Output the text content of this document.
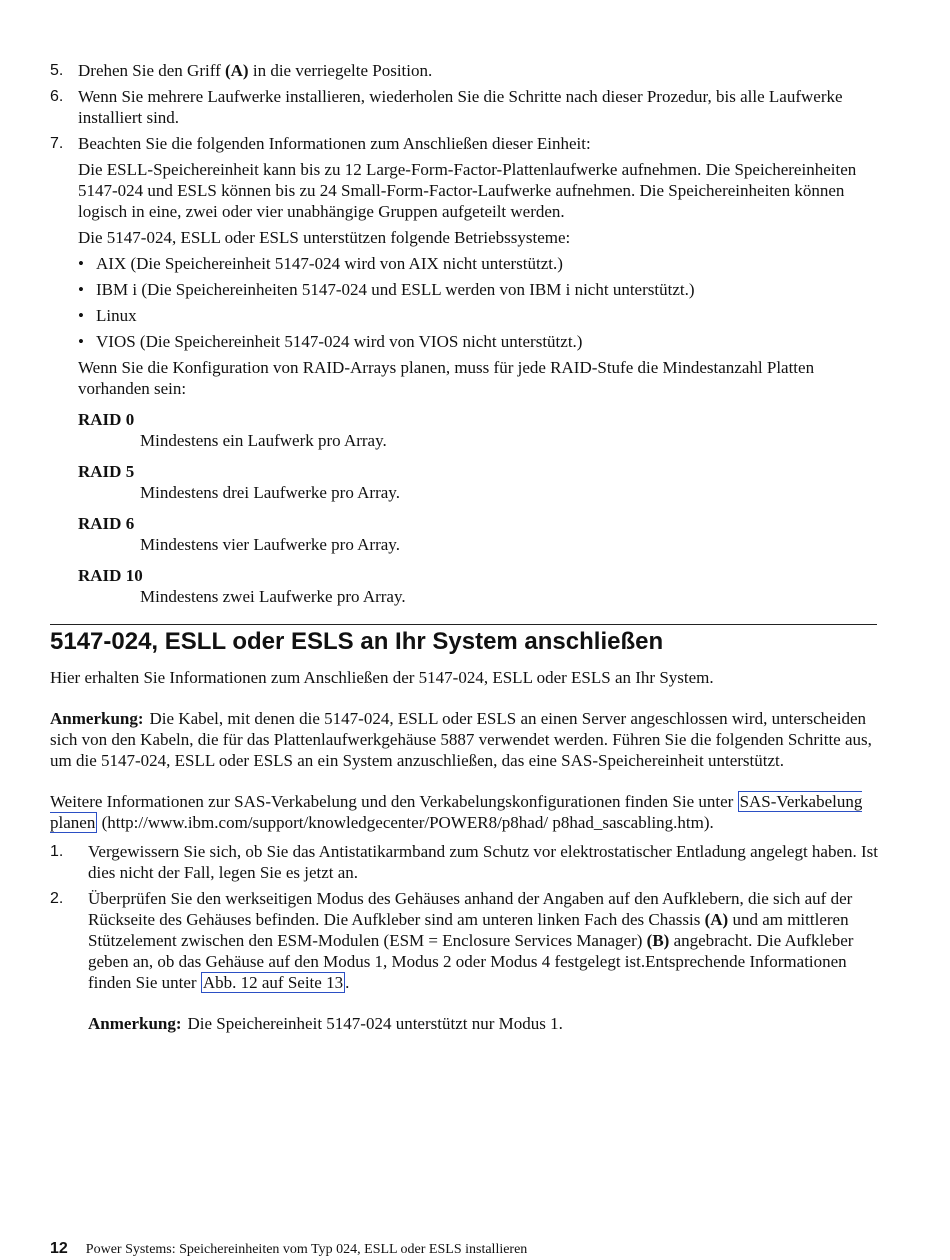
5. Drehen Sie den Griff (A) in die verriegelte Position.

6. Wenn Sie mehrere Laufwerke installieren, wiederholen Sie die Schritte nach dieser Prozedur, bis alle Laufwerke installiert sind.

7. Beachten Sie die folgenden Informationen zum Anschließen dieser Einheit:

Die ESLL-Speichereinheit kann bis zu 12 Large-Form-Factor-Plattenlaufwerke aufnehmen. Die Speichereinheiten 5147-024 und ESLS können bis zu 24 Small-Form-Factor-Laufwerke aufnehmen. Die Speichereinheiten können logisch in eine, zwei oder vier unabhängige Gruppen aufgeteilt werden.

Die 5147-024, ESLL oder ESLS unterstützen folgende Betriebssysteme:

• AIX (Die Speichereinheit 5147-024 wird von AIX nicht unterstützt.)
• IBM i (Die Speichereinheiten 5147-024 und ESLL werden von IBM i nicht unterstützt.)
• Linux
• VIOS (Die Speichereinheit 5147-024 wird von VIOS nicht unterstützt.)

Wenn Sie die Konfiguration von RAID-Arrays planen, muss für jede RAID-Stufe die Mindestanzahl Platten vorhanden sein:

RAID 0
Mindestens ein Laufwerk pro Array.
RAID 5
Mindestens drei Laufwerke pro Array.
RAID 6
Mindestens vier Laufwerke pro Array.
RAID 10
Mindestens zwei Laufwerke pro Array.
5147-024, ESLL oder ESLS an Ihr System anschließen

Hier erhalten Sie Informationen zum Anschließen der 5147-024, ESLL oder ESLS an Ihr System.

Anmerkung: Die Kabel, mit denen die 5147-024, ESLL oder ESLS an einen Server angeschlossen wird, unterscheiden sich von den Kabeln, die für das Plattenlaufwerkgehäuse 5887 verwendet werden. Führen Sie die folgenden Schritte aus, um die 5147-024, ESLL oder ESLS an ein System anzuschließen, das eine SAS-Speichereinheit unterstützt.

Weitere Informationen zur SAS-Verkabelung und den Verkabelungskonfigurationen finden Sie unter SAS-Verkabelung planen (http://www.ibm.com/support/knowledgecenter/POWER8/p8had/ p8had_sascabling.htm).

1. Vergewissern Sie sich, ob Sie das Antistatikarmband zum Schutz vor elektrostatischer Entladung angelegt haben. Ist dies nicht der Fall, legen Sie es jetzt an.

2. Überprüfen Sie den werkseitigen Modus des Gehäuses anhand der Angaben auf den Aufklebern, die sich auf der Rückseite des Gehäuses befinden. Die Aufkleber sind am unteren linken Fach des Chassis (A) und am mittleren Stützelement zwischen den ESM-Modulen (ESM = Enclosure Services Manager) (B) angebracht. Die Aufkleber geben an, ob das Gehäuse auf den Modus 1, Modus 2 oder Modus 4 festgelegt ist.Entsprechende Informationen finden Sie unter Abb. 12 auf Seite 13 .

Anmerkung: Die Speichereinheit 5147-024 unterstützt nur Modus 1.

12 Power Systems: Speichereinheiten vom Typ 024, ESLL oder ESLS installieren
